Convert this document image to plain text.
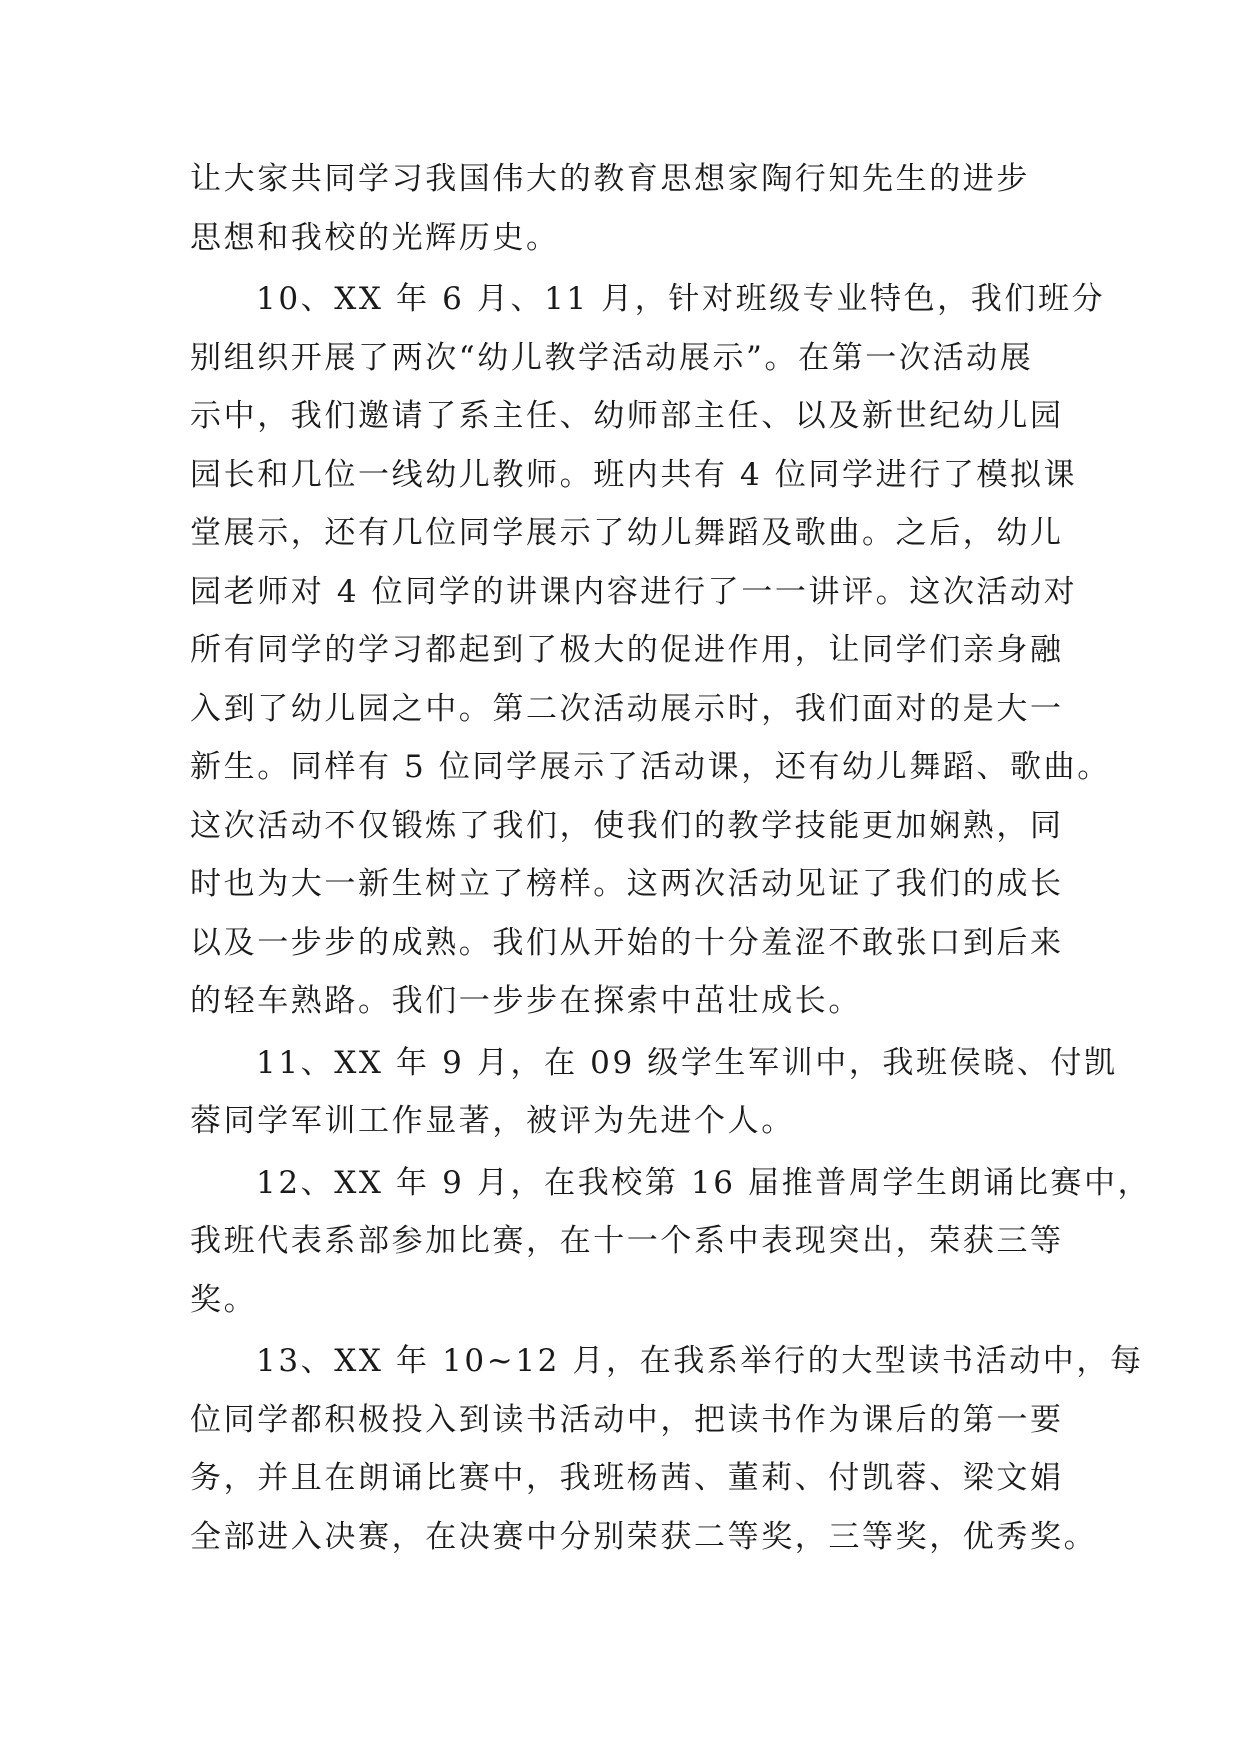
让大家共同学习我国伟大的教育思想家陶行知先生的进步
思想和我校的光辉历史。
10、XX 年 6 月、11 月，针对班级专业特色，我们班分
别组织开展了两次“幼儿教学活动展示”。在第一次活动展
示中，我们邀请了系主任、幼师部主任、以及新世纪幼儿园
园长和几位一线幼儿教师。班内共有 4 位同学进行了模拟课
堂展示，还有几位同学展示了幼儿舞蹈及歌曲。之后，幼儿
园老师对 4 位同学的讲课内容进行了一一讲评。这次活动对
所有同学的学习都起到了极大的促进作用，让同学们亲身融
入到了幼儿园之中。第二次活动展示时，我们面对的是大一
新生。同样有 5 位同学展示了活动课，还有幼儿舞蹈、歌曲。
这次活动不仅锻炼了我们，使我们的教学技能更加娴熟，同
时也为大一新生树立了榜样。这两次活动见证了我们的成长
以及一步步的成熟。我们从开始的十分羞涩不敢张口到后来
的轻车熟路。我们一步步在探索中茁壮成长。
11、XX 年 9 月，在 09 级学生军训中，我班侯晓、付凯
蓉同学军训工作显著，被评为先进个人。
12、XX 年 9 月，在我校第 16 届推普周学生朗诵比赛中，
我班代表系部参加比赛，在十一个系中表现突出，荣获三等
奖。
13、XX 年 10~12 月，在我系举行的大型读书活动中，每
位同学都积极投入到读书活动中，把读书作为课后的第一要
务，并且在朗诵比赛中，我班杨茜、董莉、付凯蓉、梁文娟
全部进入决赛，在决赛中分别荣获二等奖，三等奖，优秀奖。
